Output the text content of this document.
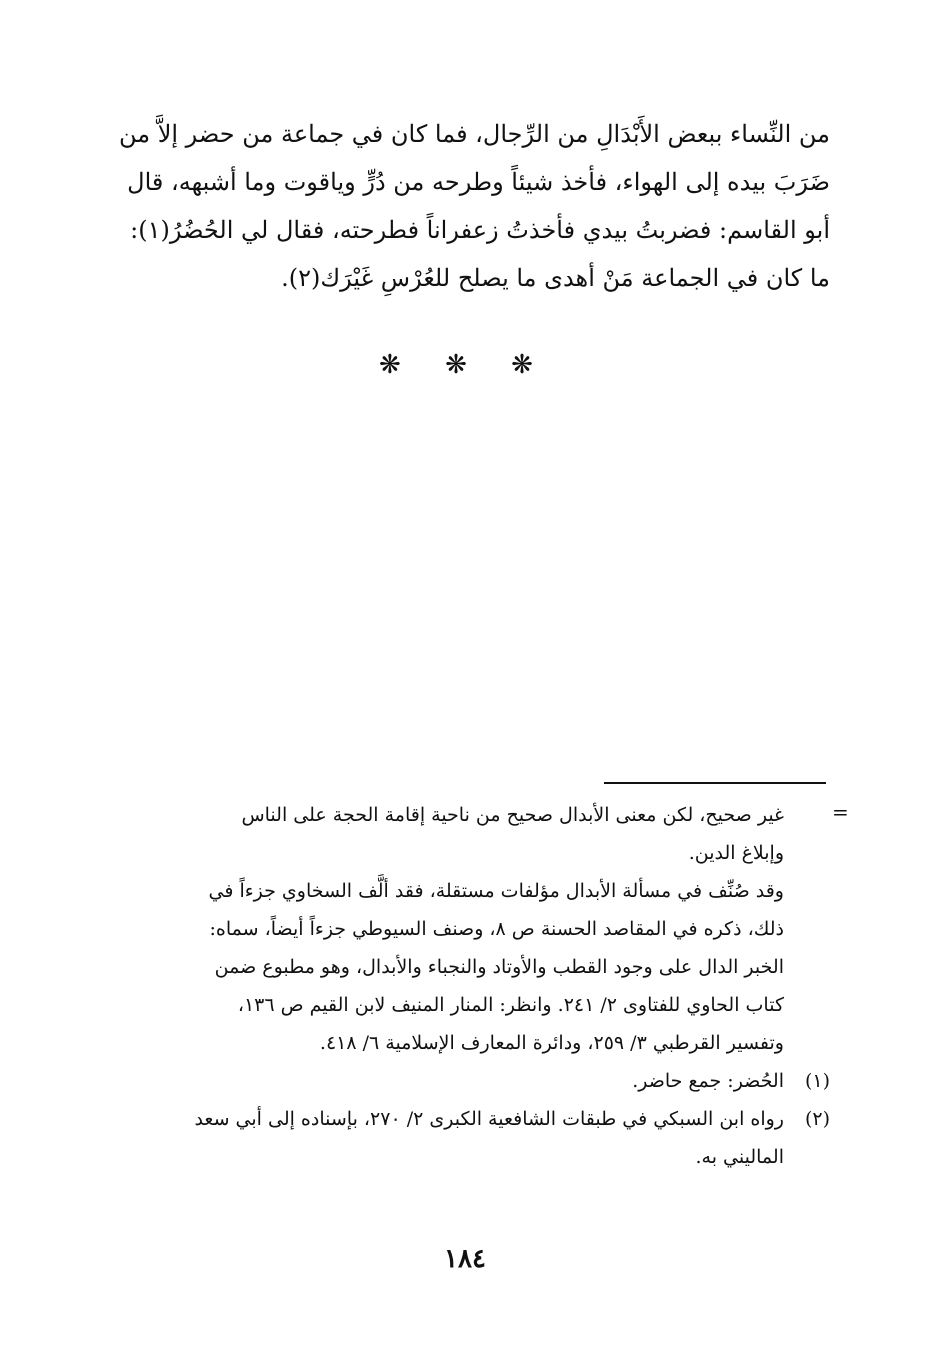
من النِّساء ببعض الأَبْدَالِ من الرِّجال، فما كان في جماعة من حضر إلاَّ من
ضَرَبَ بيده إلى الهواء، فأخذ شيئاً وطرحه من دُرٍّ وياقوت وما أشبهه، قال
أبو القاسم: فضربتُ بيدي فأخذتُ زعفراناً فطرحته، فقال لي الحُضُرُ(١):
ما كان في الجماعة مَنْ أهدى ما يصلح للعُرْسِ غَيْرَك(٢).
❋ ❋ ❋
=
غير صحيح، لكن معنى الأبدال صحيح من ناحية إقامة الحجة على الناس
وإبلاغ الدين.
وقد صُنِّف في مسألة الأبدال مؤلفات مستقلة، فقد ألَّف السخاوي جزءاً في
ذلك، ذكره في المقاصد الحسنة ص ٨، وصنف السيوطي جزءاً أيضاً، سماه:
الخبر الدال على وجود القطب والأوتاد والنجباء والأبدال، وهو مطبوع ضمن
كتاب الحاوي للفتاوى ٢/ ٢٤١. وانظر: المنار المنيف لابن القيم ص ١٣٦،
وتفسير القرطبي ٣/ ٢٥٩، ودائرة المعارف الإسلامية ٦/ ٤١٨.
(١)
الحُضر: جمع حاضر.
(٢)
رواه ابن السبكي في طبقات الشافعية الكبرى ٢/ ٢٧٠، بإسناده إلى أبي سعد
الماليني به.
١٨٤
